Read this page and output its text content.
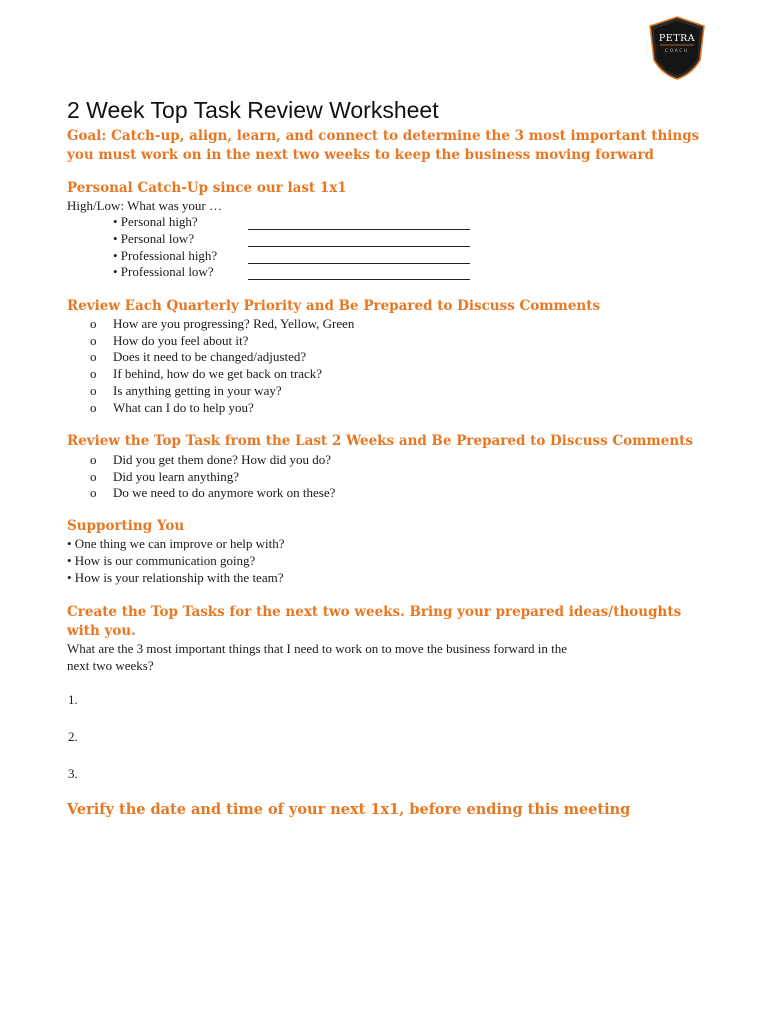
PETRA
COACH
2 Week Top Task Review Worksheet

Goal: Catch-up, align, learn, and connect to determine the 3 most important things

you must work on in the next two weeks to keep the business moving forward

Personal Catch-Up since our last 1x1

High/Low: What was your …

• Personal high?

• Personal low?

• Professional high?

• Professional low?

Review Each Quarterly Priority and Be Prepared to Discuss Comments

o How are you progressing? Red, Yellow, Green
o How do you feel about it?
o Does it need to be changed/adjusted?
o If behind, how do we get back on track?
o Is anything getting in your way?
o What can I do to help you?

Review the Top Task from the Last 2 Weeks and Be Prepared to Discuss Comments

o Did you get them done? How did you do?
o Did you learn anything?
o Do we need to do anymore work on these?

Supporting You

• One thing we can improve or help with?

• How is our communication going?

• How is your relationship with the team?

Create the Top Tasks for the next two weeks. Bring your prepared ideas/thoughts

with you.

What are the 3 most important things that I need to work on to move the business forward in the

next two weeks?

1.
2.
3.

Verify the date and time of your next 1x1, before ending this meeting
